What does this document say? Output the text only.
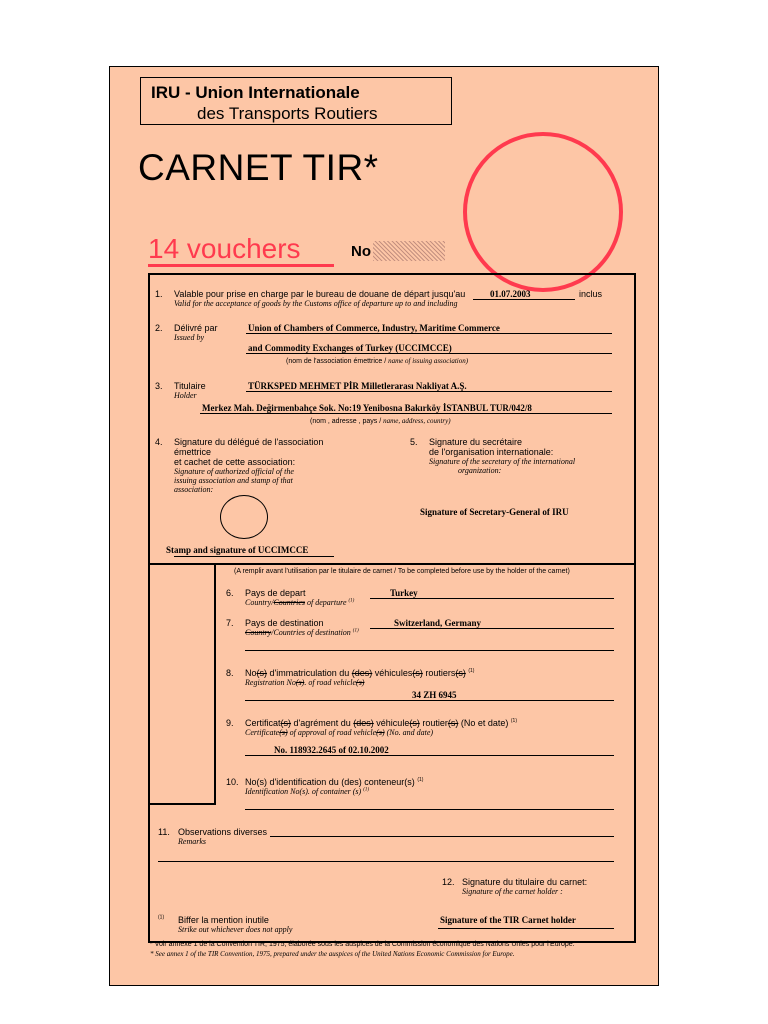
IRU - Union Internationale
des Transports Routiers
CARNET TIR*
14 vouchers	No
1. Valable pour prise en charge par le bureau de douane de départ jusqu'au	01.07.2003	inclus
Valid for the acceptance of goods by the Customs office of departure up to and including
2. Délivré par
Issued by
Union of Chambers of Commerce, Industry, Maritime Commerce
and Commodity Exchanges of Turkey (UCCIMCCE)
(nom de l'association émettrice / name of issuing association)
3. Titulaire
Holder
TÜRKSPED MEHMET PİR Milletlerarası Nakliyat A.Ş.
Merkez Mah. Değirmenbahçe Sok. No:19 Yenibosna Bakırköy İSTANBUL TUR/042/8
(nom , adresse , pays / name, address, country)
4. Signature du délégué de l'association
émettrice
et cachet de cette association:
Signature of authorized official of the
issuing association and stamp of that
association:
Stamp and signature of UCCIMCCE
5. Signature du secrétaire
de l'organisation internationale:
Signature of the secretary of the international
organization:
Signature of Secretary-General of IRU
(A remplir avant l'utilisation par le titulaire de carnet / To be completed before use by the holder of the carnet)
6. Pays de depart	Turkey
Country/Countries of departure $^{(1)}$
7. Pays de destination	Switzerland, Germany
Country/Countries of destination $^{(1)}$
8. No(s) d'immatriculation du (des) véhicules(s) routiers(s) $^{(1)}$
Registration No(s). of road vehicle(s)
34 ZH 6945
9. Certificat(s) d'agrément du (des) véhicule(s) routier(s) (No et date) $^{(1)}$
Certificate(s) of approval of road vehicle(s) (No. and date)
No. 118932.2645 of 02.10.2002
10. No(s) d'identification du (des) conteneur(s) $^{(1)}$
Identification No(s). of container (s) $^{(1)}$
11. Observations diverses
Remarks
12. Signature du titulaire du carnet:
Signature of the carnet holder :
Signature of the TIR Carnet holder
$^{(1)}$ Biffer la mention inutile
Strike out whichever does not apply
* Voir annexe 1 de la Convention TIR, 1975, élaborée sous les auspices de la Commission économique des Nations Unies pour l'Europe.
* See annex 1 of the TIR Convention, 1975, prepared under the auspices of the United Nations Economic Commission for Europe.
